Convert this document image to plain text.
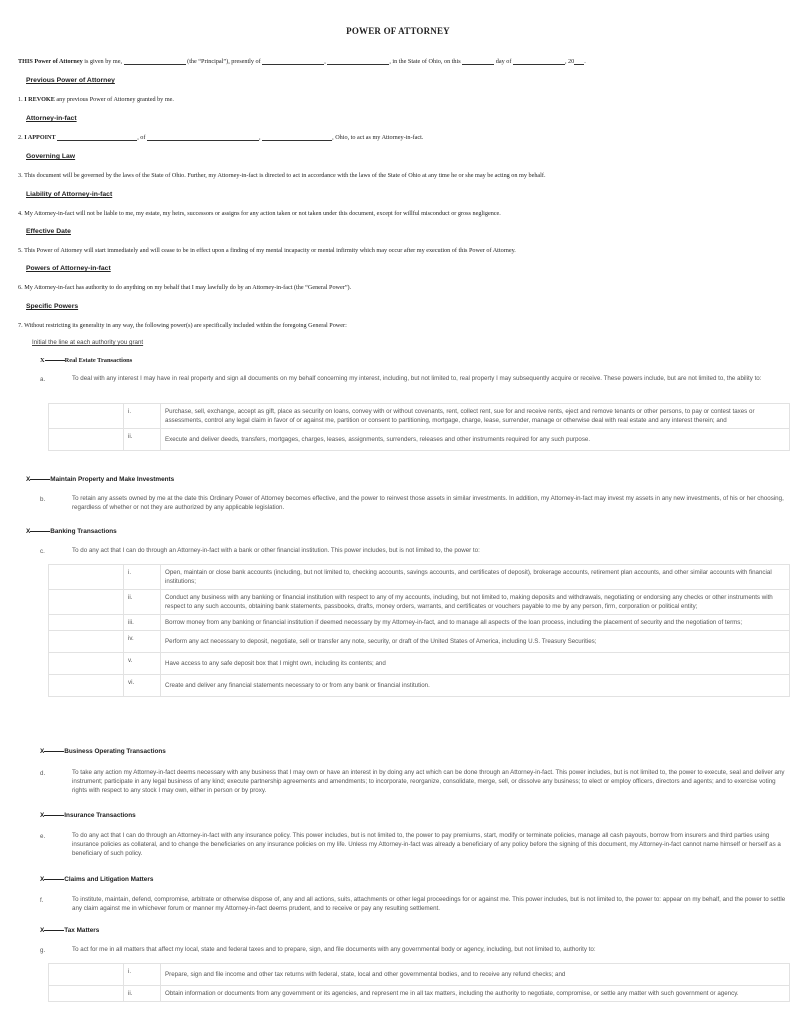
POWER OF ATTORNEY
THIS Power of Attorney is given by me,	(the “Principal”), presently of	,	, in the State of Ohio, on this	day of	, 20 .
Previous Power of Attorney
1. I REVOKE any previous Power of Attorney granted by me.
Attorney-in-fact
2. I APPOINT	, of	,	, Ohio, to act as my Attorney-in-fact.
Governing Law
3. This document will be governed by the laws of the State of Ohio. Further, my Attorney-in-fact is directed to act in accordance with the laws of the State of Ohio at any time he or she may be acting on my behalf.
Liability of Attorney-in-fact
4. My Attorney-in-fact will not be liable to me, my estate, my heirs, successors or assigns for any action taken or not taken under this document, except for willful misconduct or gross negligence.
Effective Date
5. This Power of Attorney will start immediately and will cease to be in effect upon a finding of my mental incapacity or mental infirmity which may occur after my execution of this Power of Attorney.
Powers of Attorney-in-fact
6. My Attorney-in-fact has authority to do anything on my behalf that I may lawfully do by an Attorney-in-fact (the “General Power”).
Specific Powers
7. Without restricting its generality in any way, the following power(s) are specifically included within the foregoing General Power:
Initial the line at each authority you grant
X	Real Estate Transactions
a.	To deal with any interest I may have in real property and sign all documents on my behalf concerning my interest, including, but not limited to, real property I may subsequently acquire or receive. These powers include, but are not limited to, the ability to:
	i.	Purchase, sell, exchange, accept as gift, place as security on loans, convey with or without covenants, rent, collect rent, sue for and receive rents, eject and remove tenants or other persons, to pay or contest taxes or assessments, control any legal claim in favor of or against me, partition or consent to partitioning, mortgage, charge, lease, surrender, manage or otherwise deal with real estate and any interest therein; and
	ii.	Execute and deliver deeds, transfers, mortgages, charges, leases, assignments, surrenders, releases and other instruments required for any such purpose.
X	Maintain Property and Make Investments
b.	To retain any assets owned by me at the date this Ordinary Power of Attorney becomes effective, and the power to reinvest those assets in similar investments. In addition, my Attorney-in-fact may invest my assets in any new investments, of his or her choosing, regardless of whether or not they are authorized by any applicable legislation.
X	Banking Transactions
c.	To do any act that I can do through an Attorney-in-fact with a bank or other financial institution. This power includes, but is not limited to, the power to:
	i.	Open, maintain or close bank accounts (including, but not limited to, checking accounts, savings accounts, and certificates of deposit), brokerage accounts, retirement plan accounts, and other similar accounts with financial institutions;
	ii.	Conduct any business with any banking or financial institution with respect to any of my accounts, including, but not limited to, making deposits and withdrawals, negotiating or endorsing any checks or other instruments with respect to any such accounts, obtaining bank statements, passbooks, drafts, money orders, warrants, and certificates or vouchers payable to me by any person, firm, corporation or political entity;
	iii.	Borrow money from any banking or financial institution if deemed necessary by my Attorney-in-fact, and to manage all aspects of the loan process, including the placement of security and the negotiation of terms;
	iv.	Perform any act necessary to deposit, negotiate, sell or transfer any note, security, or draft of the United States of America, including U.S. Treasury Securities;
	v.	Have access to any safe deposit box that I might own, including its contents; and
	vi.	Create and deliver any financial statements necessary to or from any bank or financial institution.
X	Business Operating Transactions
d.	To take any action my Attorney-in-fact deems necessary with any business that I may own or have an interest in by doing any act which can be done through an Attorney-in-fact. This power includes, but is not limited to, the power to execute, seal and deliver any instrument; participate in any legal business of any kind; execute partnership agreements and amendments; to incorporate, reorganize, consolidate, merge, sell, or dissolve any business; to elect or employ officers, directors and agents; and to exercise voting rights with respect to any stock I may own, either in person or by proxy.
X	Insurance Transactions
e.	To do any act that I can do through an Attorney-in-fact with any insurance policy. This power includes, but is not limited to, the power to pay premiums, start, modify or terminate policies, manage all cash payouts, borrow from insurers and third parties using insurance policies as collateral, and to change the beneficiaries on any insurance policies on my life. Unless my Attorney-in-fact was already a beneficiary of any policy before the signing of this document, my Attorney-in-fact cannot name himself or herself as a beneficiary of such policy.
X	Claims and Litigation Matters
f.	To institute, maintain, defend, compromise, arbitrate or otherwise dispose of, any and all actions, suits, attachments or other legal proceedings for or against me. This power includes, but is not limited to, the power to: appear on my behalf, and the power to settle any claim against me in whichever forum or manner my Attorney-in-fact deems prudent, and to receive or pay any resulting settlement.
X	Tax Matters
g.	To act for me in all matters that affect my local, state and federal taxes and to prepare, sign, and file documents with any governmental body or agency, including, but not limited to, authority to:
	i.	Prepare, sign and file income and other tax returns with federal, state, local and other governmental bodies, and to receive any refund checks; and
	ii.	Obtain information or documents from any government or its agencies, and represent me in all tax matters, including the authority to negotiate, compromise, or settle any matter with such government or agency.
